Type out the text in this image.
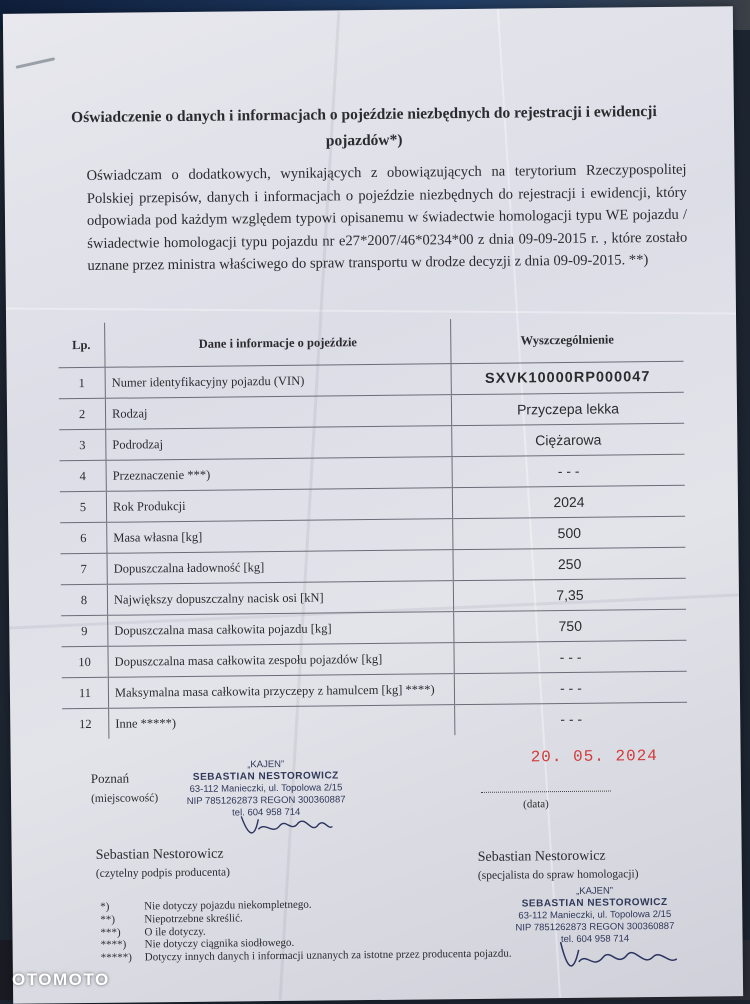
Oświadczenie o danych i informacjach o pojeździe niezbędnych do rejestracji i ewidencji pojazdów*)
Oświadczam o dodatkowych, wynikających z obowiązujących na terytorium Rzeczypospolitej Polskiej przepisów, danych i informacjach o pojeździe niezbędnych do rejestracji i ewidencji, który odpowiada pod każdym względem typowi opisanemu w świadectwie homologacji typu WE pojazdu / świadectwie homologacji typu pojazdu nr e27*2007/46*0234*00 z dnia 09-09-2015 r. , które zostało uznane przez ministra właściwego do spraw transportu w drodze decyzji z dnia 09-09-2015. **)
Lp.	Dane i informacje o pojeździe	Wyszczególnienie
1	Numer identyfikacyjny pojazdu (VIN)	SXVK10000RP000047
2	Rodzaj	Przyczepa lekka
3	Podrodzaj	Ciężarowa
4	Przeznaczenie ***)	- - -
5	Rok Produkcji	2024
6	Masa własna [kg]	500
7	Dopuszczalna ładowność [kg]	250
8	Największy dopuszczalny nacisk osi [kN]	7,35
9	Dopuszczalna masa całkowita pojazdu [kg]	750
10	Dopuszczalna masa całkowita zespołu pojazdów [kg]	- - -
11	Maksymalna masa całkowita przyczepy z hamulcem [kg] ****)	- - -
12	Inne *****)	- - -
Poznań
(miejscowość)
„KAJEN”
SEBASTIAN NESTOROWICZ
63-112 Manieczki, ul. Topolowa 2/15
NIP 7851262873 REGON 300360887
tel. 604 958 714
20. 05. 2024
(data)
Sebastian Nestorowicz
(czytelny podpis producenta)
Sebastian Nestorowicz
(specjalista do spraw homologacji)
„KAJEN”
SEBASTIAN NESTOROWICZ
63-112 Manieczki, ul. Topolowa 2/15
NIP 7851262873 REGON 300360887
tel. 604 958 714
*)	Nie dotyczy pojazdu niekompletnego.
**)	Niepotrzebne skreślić.
***)	O ile dotyczy.
****)	Nie dotyczy ciągnika siodłowego.
*****)	Dotyczy innych danych i informacji uznanych za istotne przez producenta pojazdu.
OTOMOTO
